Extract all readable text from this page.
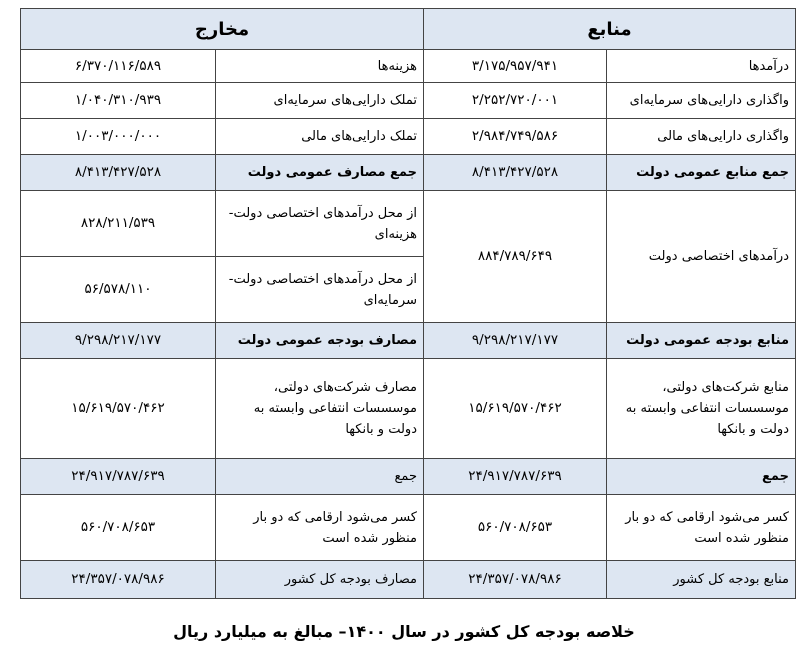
منابع		مخارج	
درآمدها	۳/۱۷۵/۹۵۷/۹۴۱	هزینه‌ها	۶/۳۷۰/۱۱۶/۵۸۹
واگذاری دارایی‌های سرمایه‌ای	۲/۲۵۲/۷۲۰/۰۰۱	تملک دارایی‌های سرمایه‌ای	۱/۰۴۰/۳۱۰/۹۳۹
واگذاری دارایی‌های مالی	۲/۹۸۴/۷۴۹/۵۸۶	تملک دارایی‌های مالی	۱/۰۰۳/۰۰۰/۰۰۰
جمع منابع عمومی دولت	۸/۴۱۳/۴۲۷/۵۲۸	جمع مصارف عمومی دولت	۸/۴۱۳/۴۲۷/۵۲۸
درآمدهای اختصاصی دولت	۸۸۴/۷۸۹/۶۴۹	از محل درآمدهای اختصاصی دولت- هزینه‌ای	۸۲۸/۲۱۱/۵۳۹
		از محل درآمدهای اختصاصی دولت- سرمایه‌ای	۵۶/۵۷۸/۱۱۰
منابع بودجه عمومی دولت	۹/۲۹۸/۲۱۷/۱۷۷	مصارف بودجه عمومی دولت	۹/۲۹۸/۲۱۷/۱۷۷
منابع شرکت‌های دولتی، موسسسات انتفاعی وابسته به دولت و بانکها	۱۵/۶۱۹/۵۷۰/۴۶۲	مصارف شرکت‌های دولتی، موسسسات انتفاعی وابسته به دولت و بانکها	۱۵/۶۱۹/۵۷۰/۴۶۲
جمع	۲۴/۹۱۷/۷۸۷/۶۳۹	جمع	۲۴/۹۱۷/۷۸۷/۶۳۹
کسر می‌شود ارقامی که دو بار منظور شده است	۵۶۰/۷۰۸/۶۵۳	کسر می‌شود ارقامی که دو بار منظور شده است	۵۶۰/۷۰۸/۶۵۳
منابع بودجه کل کشور	۲۴/۳۵۷/۰۷۸/۹۸۶	مصارف بودجه کل کشور	۲۴/۳۵۷/۰۷۸/۹۸۶
خلاصه بودجه کل کشور در سال ۱۴۰۰– مبالغ به میلیارد ریال
